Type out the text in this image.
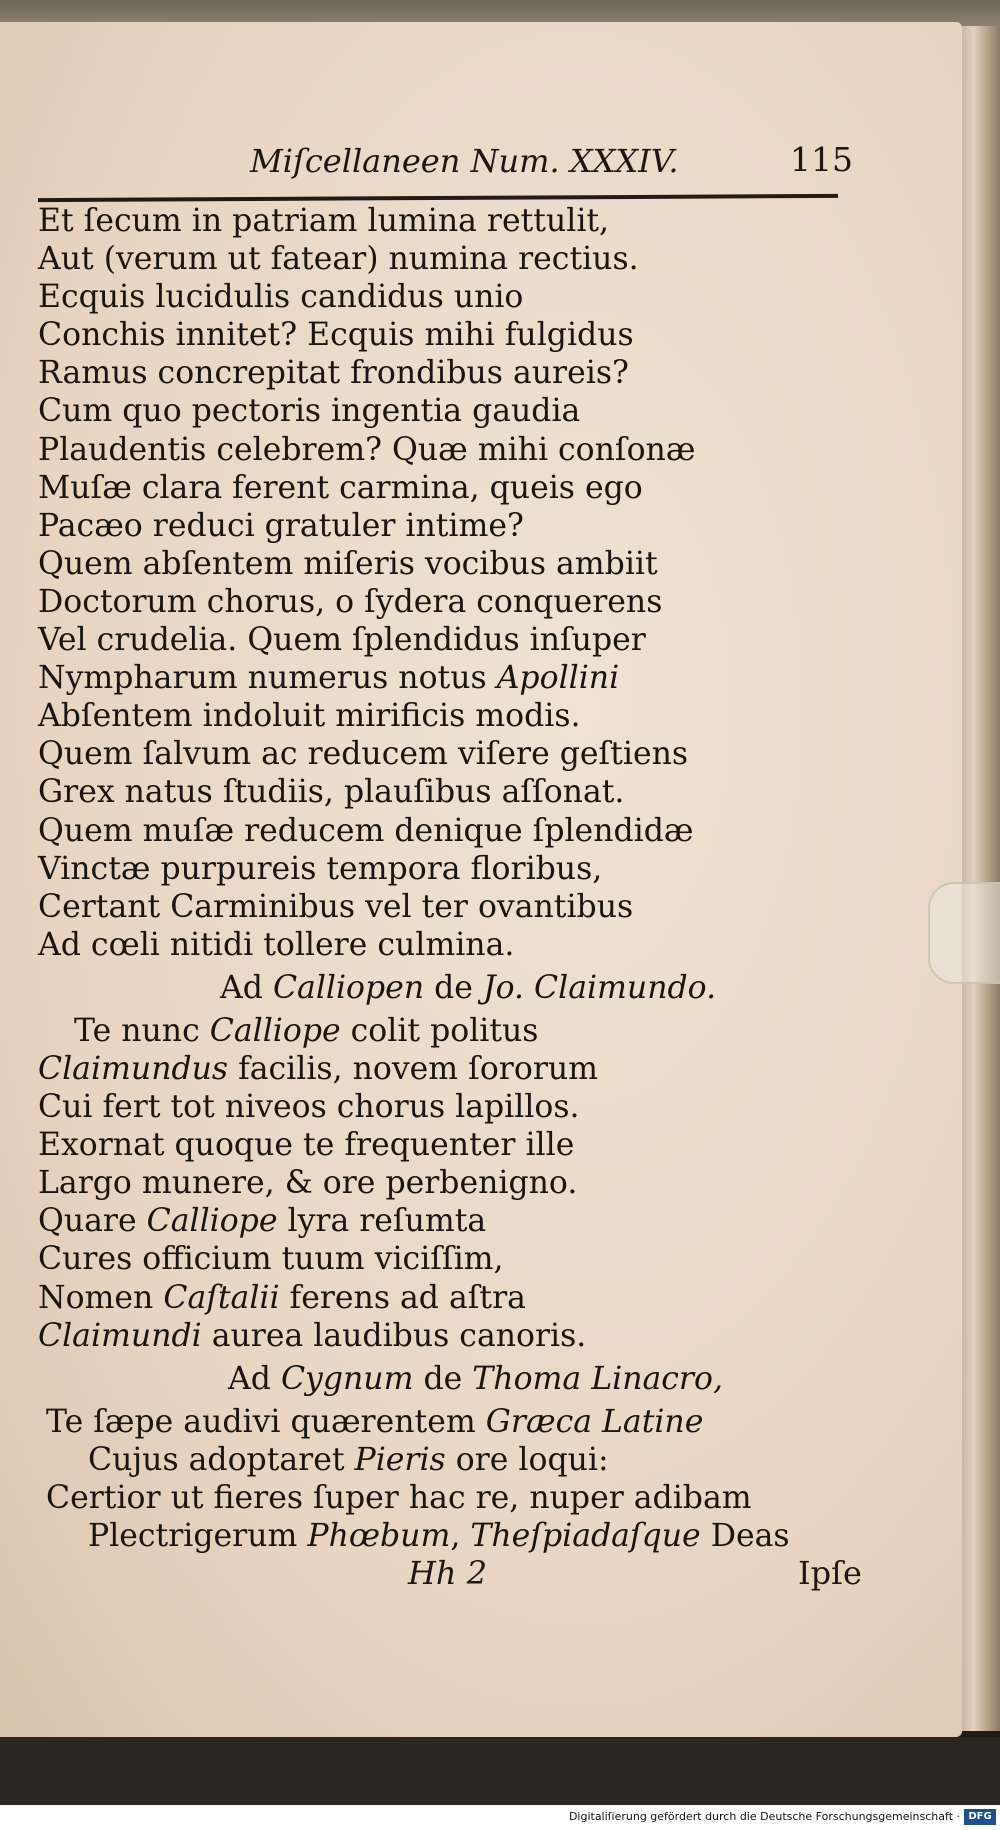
Miſcellaneen Num. XXXIV.	115
Et ſecum in patriam lumina rettulit,
Aut (verum ut fatear) numina rectius.
Ecquis lucidulis candidus unio
Conchis innitet? Ecquis mihi fulgidus
Ramus concrepitat frondibus aureis?
Cum quo pectoris ingentia gaudia
Plaudentis celebrem? Quæ mihi conſonæ
Muſæ clara ferent carmina, queis ego
Pacæo reduci gratuler intime?
Quem abſentem miſeris vocibus ambiit
Doctorum chorus, o ſydera conquerens
Vel crudelia. Quem ſplendidus inſuper
Nympharum numerus notus Apollini
Abſentem indoluit mirificis modis.
Quem ſalvum ac reducem viſere geſtiens
Grex natus ſtudiis, plauſibus aſſonat.
Quem muſæ reducem denique ſplendidæ
Vinctæ purpureis tempora floribus,
Certant Carminibus vel ter ovantibus
Ad cœli nitidi tollere culmina.
Ad Calliopen de Jo. Claimundo.
Te nunc Calliope colit politus
Claimundus facilis, novem ſororum
Cui fert tot niveos chorus lapillos.
Exornat quoque te frequenter ille
Largo munere, & ore perbenigno.
Quare Calliope lyra reſumta
Cures officium tuum viciſſim,
Nomen Caſtalii ferens ad aſtra
Claimundi aurea laudibus canoris.
Ad Cygnum de Thoma Linacro,
Te ſæpe audivi quærentem Græca Latine
Cujus adoptaret Pieris ore loqui:
Certior ut fieres ſuper hac re, nuper adibam
Plectrigerum Phœbum, Theſpiadaſque Deas
Hh 2	Ipſe
Digitaliſierung gefördert durch die Deutsche Forschungsgemeinschaft · DFG
